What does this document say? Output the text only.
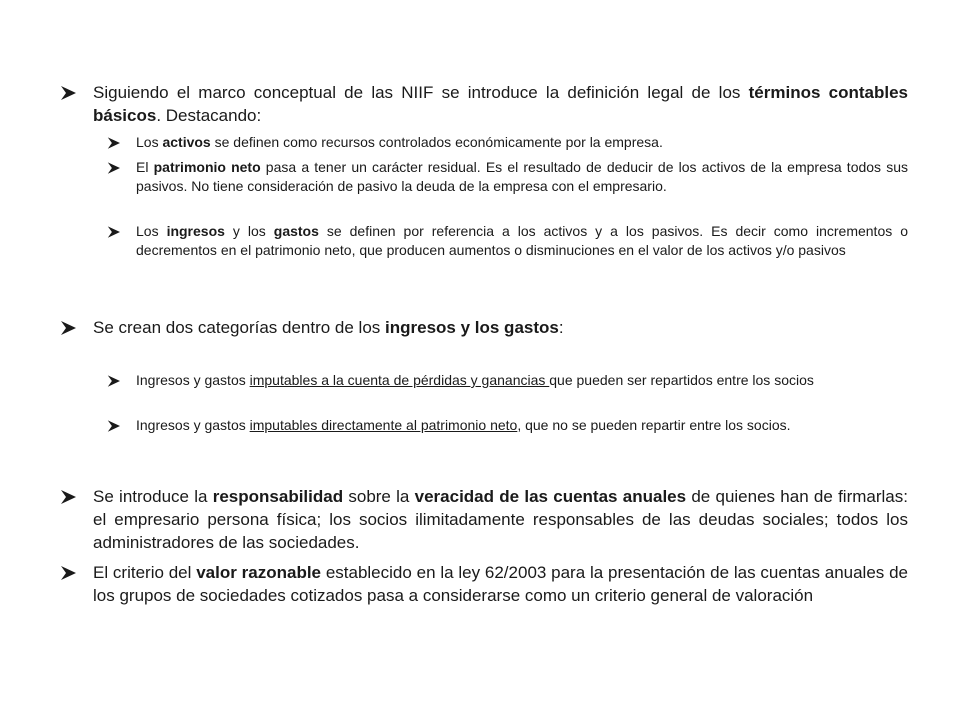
Siguiendo el marco conceptual de las NIIF se introduce la definición legal de los términos contables básicos. Destacando:
Los activos se definen como recursos controlados económicamente por la empresa.
El patrimonio neto pasa a tener un carácter residual. Es el resultado de deducir de los activos de la empresa todos sus pasivos. No tiene consideración de pasivo la deuda de la empresa con el empresario.
Los ingresos y los gastos se definen por referencia a los activos y a los pasivos. Es decir como incrementos o decrementos en el patrimonio neto, que producen aumentos o disminuciones en el valor de los activos y/o pasivos
Se crean dos categorías dentro de los ingresos y los gastos:
Ingresos y gastos imputables a la cuenta de pérdidas y ganancias que pueden ser repartidos entre los socios
Ingresos y gastos imputables directamente al patrimonio neto, que no se pueden repartir entre los socios.
Se introduce la responsabilidad sobre la veracidad de las cuentas anuales de quienes han de firmarlas: el empresario persona física; los socios ilimitadamente responsables de las deudas sociales; todos los administradores de las sociedades.
El criterio del valor razonable establecido en la ley 62/2003 para la presentación de las cuentas anuales de los grupos de sociedades cotizados pasa a considerarse como un criterio general de valoración
